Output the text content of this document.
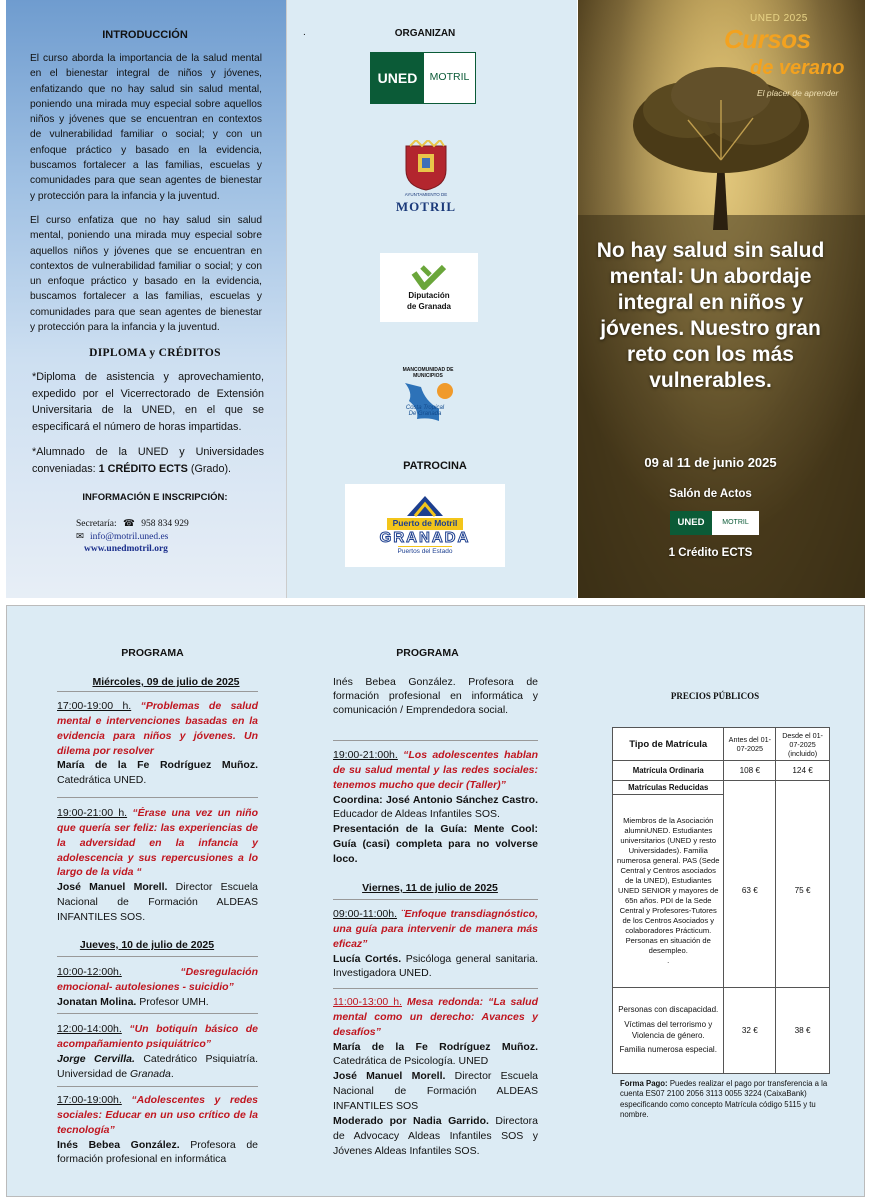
INTRODUCCIÓN

El curso aborda la importancia de la salud mental en el bienestar integral de niños y jóvenes, enfatizando que no hay salud sin salud mental, poniendo una mirada muy especial sobre aquellos niños y jóvenes que se encuentran en contextos de vulnerabilidad familiar o social; y con un enfoque práctico y basado en la evidencia, buscamos fortalecer a las familias, escuelas y comunidades para que sean agentes de bienestar y protección para la infancia y la juventud.

El curso enfatiza que no hay salud sin salud mental, poniendo una mirada muy especial sobre aquellos niños y jóvenes que se encuentran en contextos de vulnerabilidad familiar o social; y con un enfoque práctico y basado en la evidencia, buscamos fortalecer a las familias, escuelas y comunidades para que sean agentes de bienestar y protección para la infancia y la juventud.

DIPLOMA y CRÉDITOS

*Diploma de asistencia y aprovechamiento, expedido por el Vicerrectorado de Extensión Universitaria de la UNED, en el que se especificará el número de horas impartidas.

*Alumnado de la UNED y Universidades conveniadas: 1 CRÉDITO ECTS (Grado).

INFORMACIÓN E INSCRIPCIÓN:
Secretaría: ☎ 958 834 929
✉ info@motril.uned.es
www.unedmotril.org
.	ORGANIZAN
UNED	MOTRIL
AYUNTAMIENTO DE
MOTRIL
Diputación
de Granada
MANCOMUNIDAD DE MUNICIPIOS
Costa Tropical De Granada
PATROCINA
Puerto de Motril
GRANADA
Puertos del Estado
UNED 2025
Cursos
de verano
El placer de aprender
No hay salud sin salud mental: Un abordaje integral en niños y jóvenes. Nuestro gran reto con los más vulnerables.
09 al 11 de junio 2025
Salón de Actos
UNED	MOTRIL
1 Crédito ECTS
PROGRAMA
Miércoles, 09 de julio de 2025
17:00-19:00 h. “Problemas de salud mental e intervenciones basadas en la evidencia para niños y jóvenes. Un dilema por resolver
María de la Fe Rodríguez Muñoz. Catedrática UNED.
19:00-21:00 h. “Érase una vez un niño que quería ser feliz: las experiencias de la adversidad en la infancia y adolescencia y sus repercusiones a lo largo de la vida “
José Manuel Morell. Director Escuela Nacional de Formación ALDEAS INFANTILES SOS.
Jueves, 10 de julio de 2025
10:00-12:00h.	“Desregulación emocional- autolesiones - suicidio”
Jonatan Molina. Profesor UMH.
12:00-14:00h. “Un botiquín básico de acompañamiento psiquiátrico”
Jorge Cervilla. Catedrático Psiquiatría. Universidad de Granada.
17:00-19:00h. “Adolescentes y redes sociales: Educar en un uso crítico de la tecnología”
Inés Bebea González. Profesora de formación profesional en informática
PROGRAMA
Inés Bebea González. Profesora de formación profesional en informática y comunicación / Emprendedora social.
19:00-21:00h. “Los adolescentes hablan de su salud mental y las redes sociales: tenemos mucho que decir (Taller)”
Coordina: José Antonio Sánchez Castro. Educador de Aldeas Infantiles SOS.
Presentación de la Guía: Mente Cool: Guía (casi) completa para no volverse loco.
Viernes, 11 de julio de 2025
09:00-11:00h. ¨Enfoque transdiagnóstico, una guía para intervenir de manera más eficaz”
Lucía Cortés. Psicóloga general sanitaria. Investigadora UNED.
11:00-13:00 h. Mesa redonda: “La salud mental como un derecho: Avances y desafíos”
María de la Fe Rodríguez Muñoz. Catedrática de Psicología. UNED
José Manuel Morell. Director Escuela Nacional de Formación ALDEAS INFANTILES SOS
Moderado por Nadia Garrido. Directora de Advocacy Aldeas Infantiles SOS y Jóvenes Aldeas Infantiles SOS.
PRECIOS PÚBLICOS
Tipo de Matrícula	Antes del 01-07-2025	Desde el 01-07-2025 (incluido)
Matrícula Ordinaria	108 €	124 €
Matrículas Reducidas		
Miembros de la Asociación alumniUNED. Estudiantes universitarios (UNED y resto Universidades). Familia numerosa general. PAS (Sede Central y Centros asociados de la UNED), Estudiantes UNED SENIOR y mayores de 65n años. PDI de la Sede Central y Profesores-Tutores de los Centros Asociados y colaboradores Prácticum. Personas en situación de desempleo.
.	63 €	75 €

Personas con discapacidad.
Víctimas del terrorismo y Violencia de género.
Familia numerosa especial.	32 €	38 €
Forma Pago: Puedes realizar el pago por transferencia a la cuenta ES07 2100 2056 3113 0055 3224 (CaixaBank) especificando como concepto Matrícula código 5115 y tu nombre.
